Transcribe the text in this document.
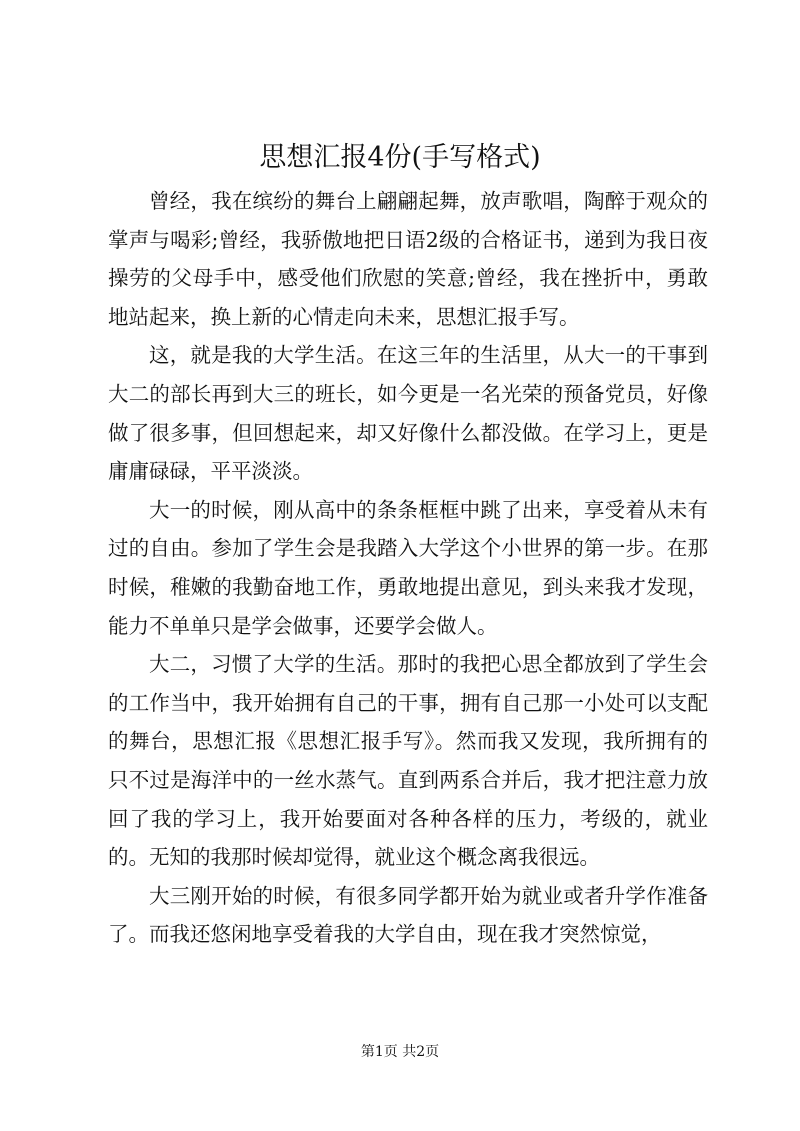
思想汇报4份(手写格式)

曾经，我在缤纷的舞台上翩翩起舞，放声歌唱，陶醉于观众的掌声与喝彩;曾经，我骄傲地把日语2级的合格证书，递到为我日夜操劳的父母手中，感受他们欣慰的笑意;曾经，我在挫折中，勇敢地站起来，换上新的心情走向未来，思想汇报手写。

这，就是我的大学生活。在这三年的生活里，从大一的干事到大二的部长再到大三的班长，如今更是一名光荣的预备党员，好像做了很多事，但回想起来，却又好像什么都没做。在学习上，更是庸庸碌碌，平平淡淡。

大一的时候，刚从高中的条条框框中跳了出来，享受着从未有过的自由。参加了学生会是我踏入大学这个小世界的第一步。在那时候，稚嫩的我勤奋地工作，勇敢地提出意见，到头来我才发现，能力不单单只是学会做事，还要学会做人。

大二，习惯了大学的生活。那时的我把心思全都放到了学生会的工作当中，我开始拥有自己的干事，拥有自己那一小处可以支配的舞台，思想汇报《思想汇报手写》。然而我又发现，我所拥有的只不过是海洋中的一丝水蒸气。直到两系合并后，我才把注意力放回了我的学习上，我开始要面对各种各样的压力，考级的，就业的。无知的我那时候却觉得，就业这个概念离我很远。

大三刚开始的时候，有很多同学都开始为就业或者升学作准备了。而我还悠闲地享受着我的大学自由，现在我才突然惊觉，

第1页 共2页
